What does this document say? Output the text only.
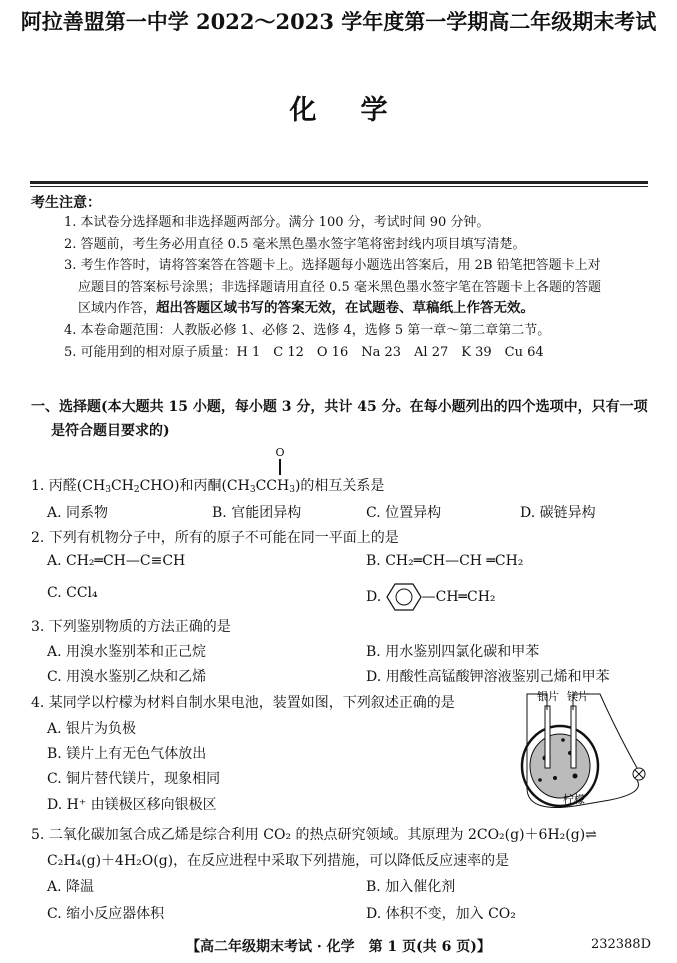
阿拉善盟第一中学 2022～2023 学年度第一学期高二年级期末考试
化学
考生注意：
1. 本试卷分选择题和非选择题两部分。满分 100 分，考试时间 90 分钟。
2. 答题前，考生务必用直径 0.5 毫米黑色墨水签字笔将密封线内项目填写清楚。
3. 考生作答时，请将答案答在答题卡上。选择题每小题选出答案后，用 2B 铅笔把答题卡上对
应题目的答案标号涂黑；非选择题请用直径 0.5 毫米黑色墨水签字笔在答题卡上各题的答题
区域内作答，超出答题区域书写的答案无效，在试题卷、草稿纸上作答无效。
4. 本卷命题范围：人教版必修 1、必修 2、选修 4，选修 5 第一章～第二章第二节。
5. 可能用到的相对原子质量：H 1　C 12　O 16　Na 23　Al 27　K 39　Cu 64
一、选择题(本大题共 15 小题，每小题 3 分，共计 45 分。在每小题列出的四个选项中，只有一项
是符合题目要求的)
O
1. 丙醛$(CH_3CH_2CHO)$和丙酮$(CH_3CCH_3)$的相互关系是
A. 同系物	B. 官能团异构	C. 位置异构	D. 碳链异构
2. 下列有机物分子中，所有的原子不可能在同一平面上的是
A. CH₂═CH—C≡CH	B. CH₂═CH—CH ═CH₂
C. CCl₄	D.	—CH═CH₂
3. 下列鉴别物质的方法正确的是
A. 用溴水鉴别苯和正己烷	B. 用水鉴别四氯化碳和甲苯
C. 用溴水鉴别乙炔和乙烯	D. 用酸性高锰酸钾溶液鉴别己烯和甲苯
4. 某同学以柠檬为材料自制水果电池，装置如图，下列叙述正确的是
A. 银片为负极
B. 镁片上有无色气体放出
C. 铜片替代镁片，现象相同
D. H⁺ 由镁极区移向银极区
银片 镁片
柠檬
5. 二氧化碳加氢合成乙烯是综合利用 CO₂ 的热点研究领域。其原理为 2CO₂(g)＋6H₂(g)⇌
C₂H₄(g)＋4H₂O(g)，在反应进程中采取下列措施，可以降低反应速率的是
A. 降温	B. 加入催化剂
C. 缩小反应器体积	D. 体积不变，加入 CO₂
【高二年级期末考试 · 化学　第 1 页(共 6 页)】	232388D
